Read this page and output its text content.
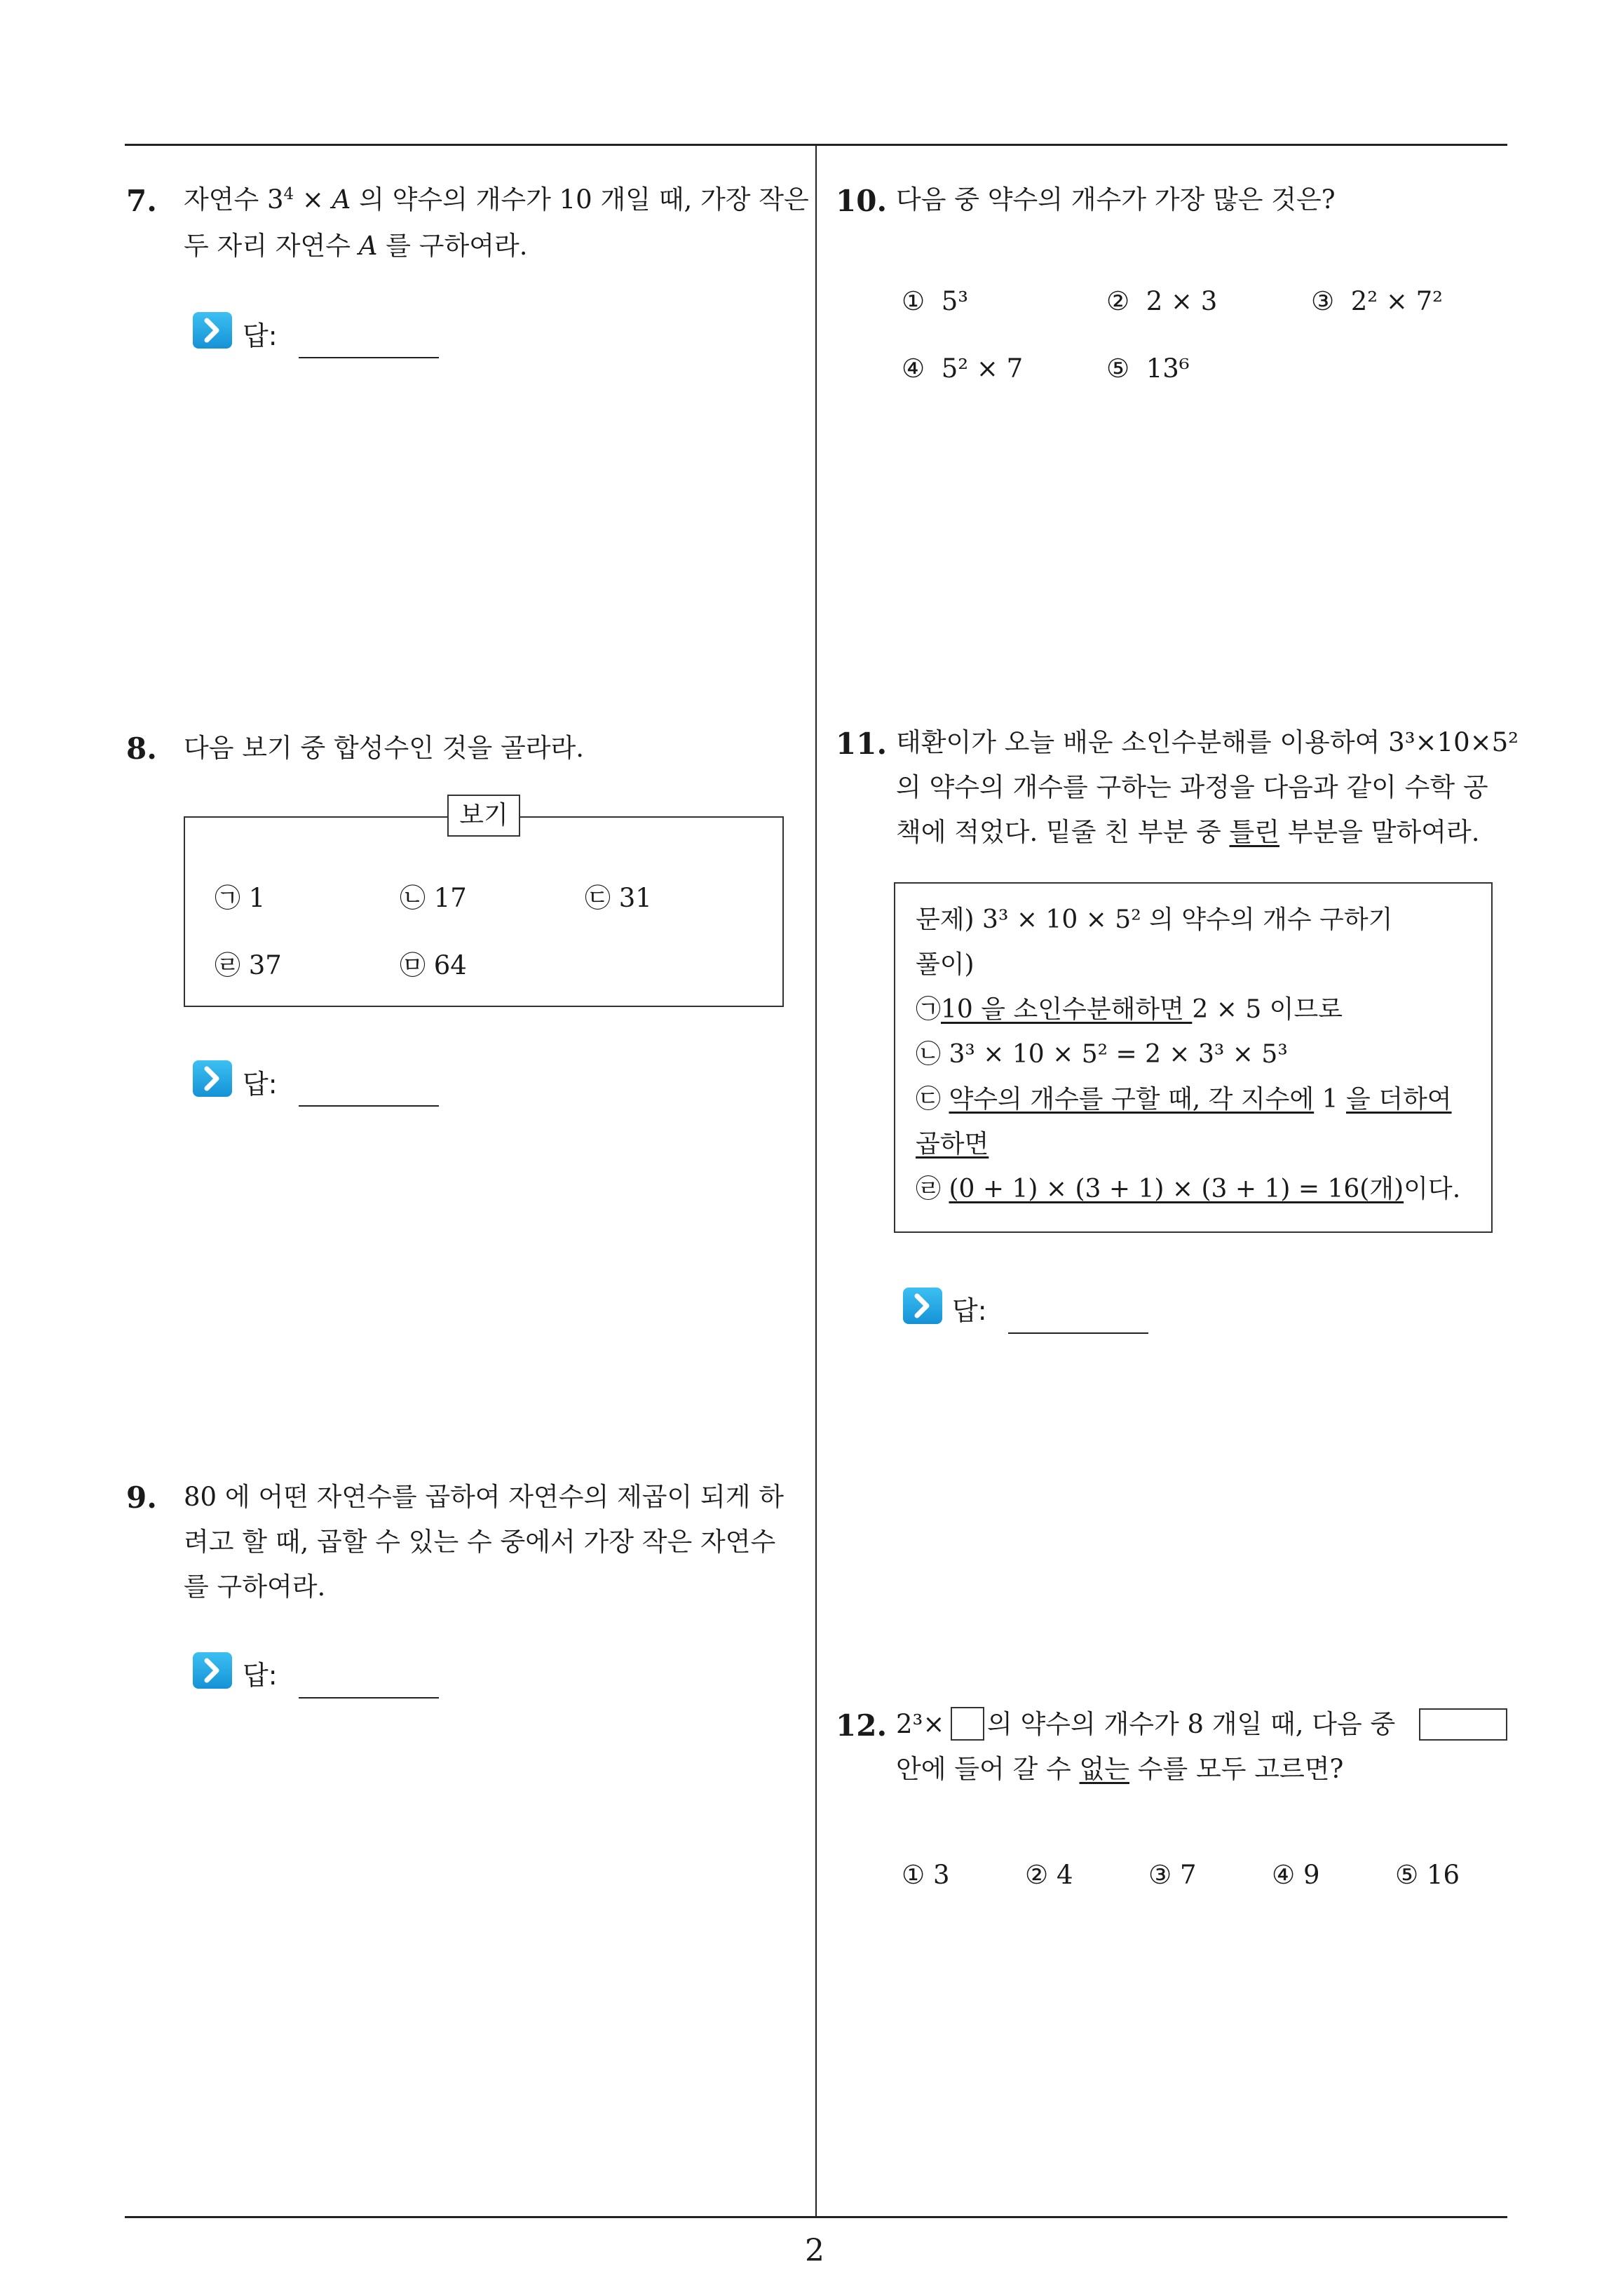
2
7. 자연수 $3^4 \times A$ 의 약수의 개수가 10 개일 때, 가장 작은
두 자리 자연수 A 를 구하여라.
답:
8. 다음 보기 중 합성수인 것을 골라라.
보기
㉠ 1	㉡ 17	㉢ 31
㉣ 37	㉤ 64
답:
9. 80 에 어떤 자연수를 곱하여 자연수의 제곱이 되게 하
려고 할 때, 곱할 수 있는 수 중에서 가장 작은 자연수
를 구하여라.
답:
10. 다음 중 약수의 개수가 가장 많은 것은?
① 5³	② 2 × 3	③ 2² × 7²
④ 5² × 7	⑤ 13⁶
11. 태환이가 오늘 배운 소인수분해를 이용하여 3³×10×5²
의 약수의 개수를 구하는 과정을 다음과 같이 수학 공
책에 적었다. 밑줄 친 부분 중 틀린 부분을 말하여라.
문제) 3³ × 10 × 5² 의 약수의 개수 구하기
풀이)
㉠10 을 소인수분해하면 2 × 5 이므로
㉡ 3³ × 10 × 5² = 2 × 3³ × 5³
㉢ 약수의 개수를 구할 때, 각 지수에 1 을 더하여
곱하면
㉣ (0 + 1) × (3 + 1) × (3 + 1) = 16(개)이다.
답:
12. 2³× 의 약수의 개수가 8 개일 때, 다음 중
안에 들어 갈 수 없는 수를 모두 고르면?
① 3	② 4	③ 7	④ 9	⑤ 16
